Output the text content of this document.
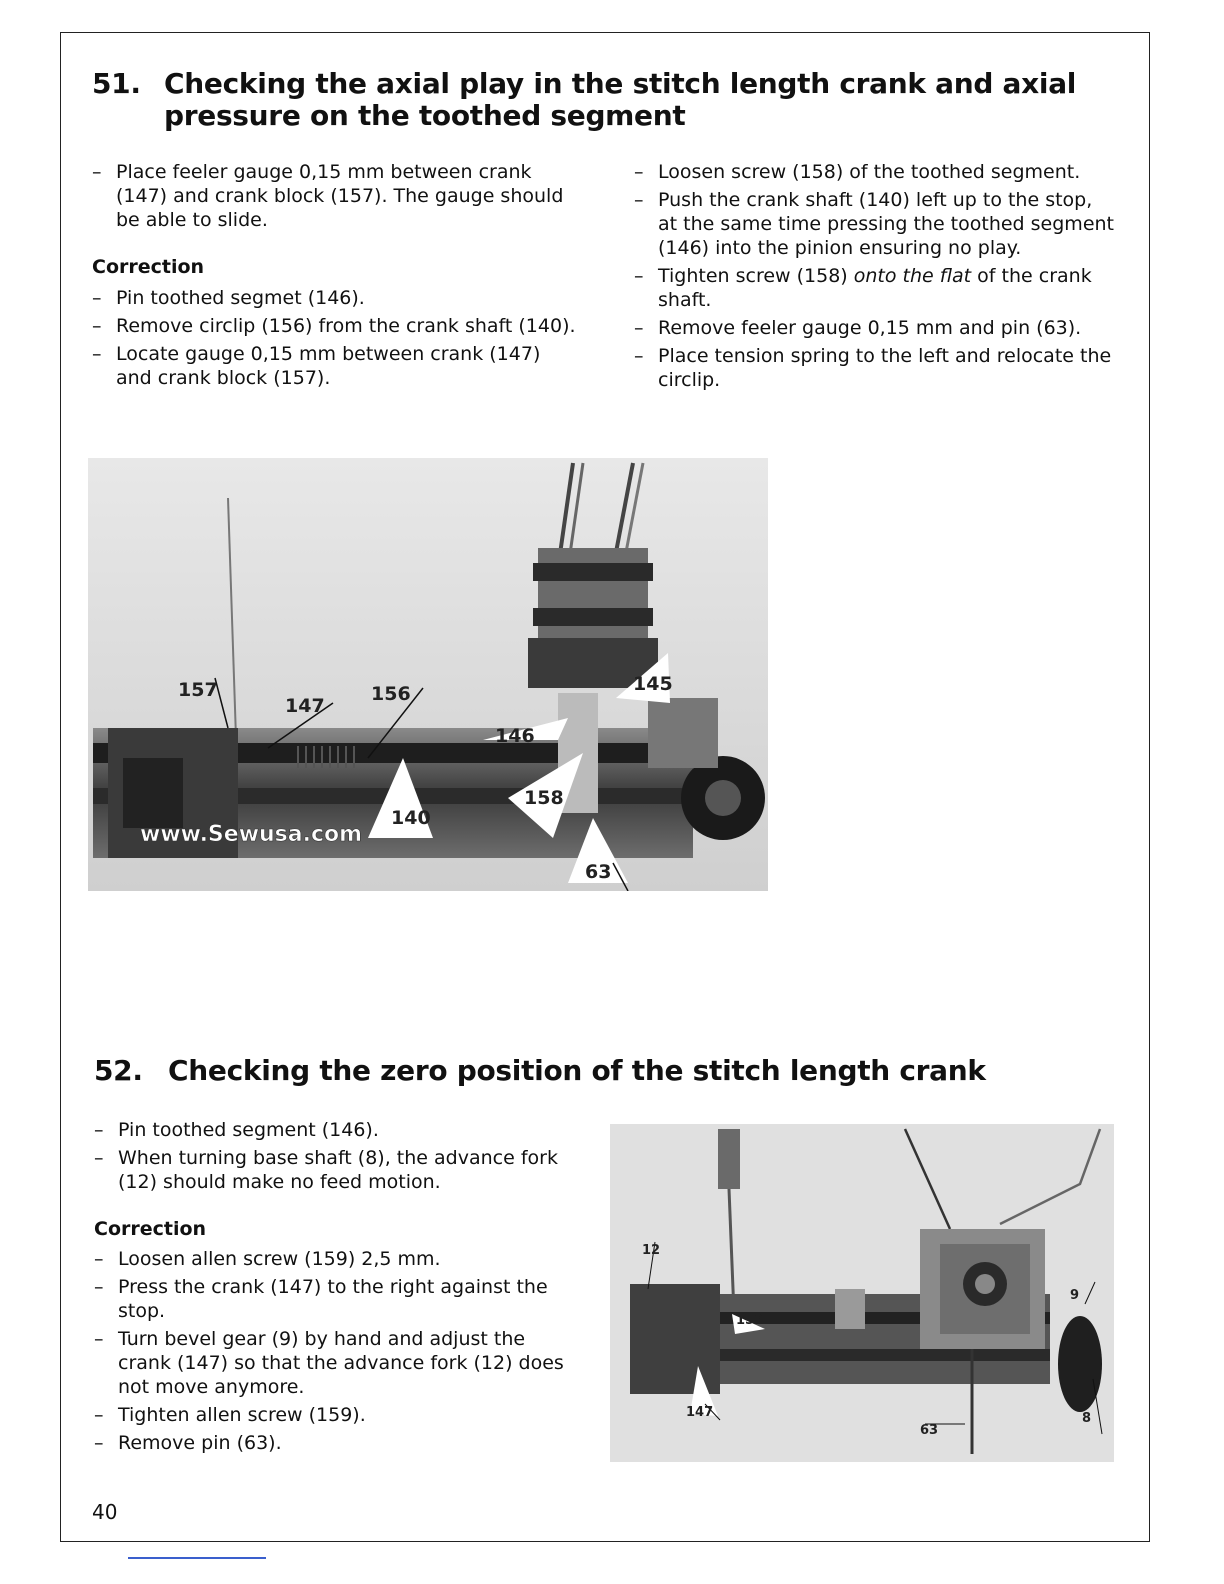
51. Checking the axial play in the stitch length crank and axial
pressure on the toothed segment
– Place feeler gauge 0,15 mm between crank (147) and crank block (157). The gauge should be able to slide.
Correction
– Pin toothed segmet (146).
– Remove circlip (156) from the crank shaft (140).
– Locate gauge 0,15 mm between crank (147) and crank block (157).
– Loosen screw (158) of the toothed segment.
– Push the crank shaft (140) left up to the stop, at the same time pressing the toothed segment (146) into the pinion ensuring no play.
– Tighten screw (158) onto the flat of the crank shaft.
– Remove feeler gauge 0,15 mm and pin (63).
– Place tension spring to the left and relocate the circlip.
157
147
156
146
145
140
158
63
www.Sewusa.com
52. Checking the zero position of the stitch length crank
– Pin toothed segment (146).
– When turning base shaft (8), the advance fork (12) should make no feed motion.
Correction
– Loosen allen screw (159) 2,5 mm.
– Press the crank (147) to the right against the stop.
– Turn bevel gear (9) by hand and adjust the crank (147) so that the advance fork (12) does not move anymore.
– Tighten allen screw (159).
– Remove pin (63).
12
159
147
63
9
8
40
